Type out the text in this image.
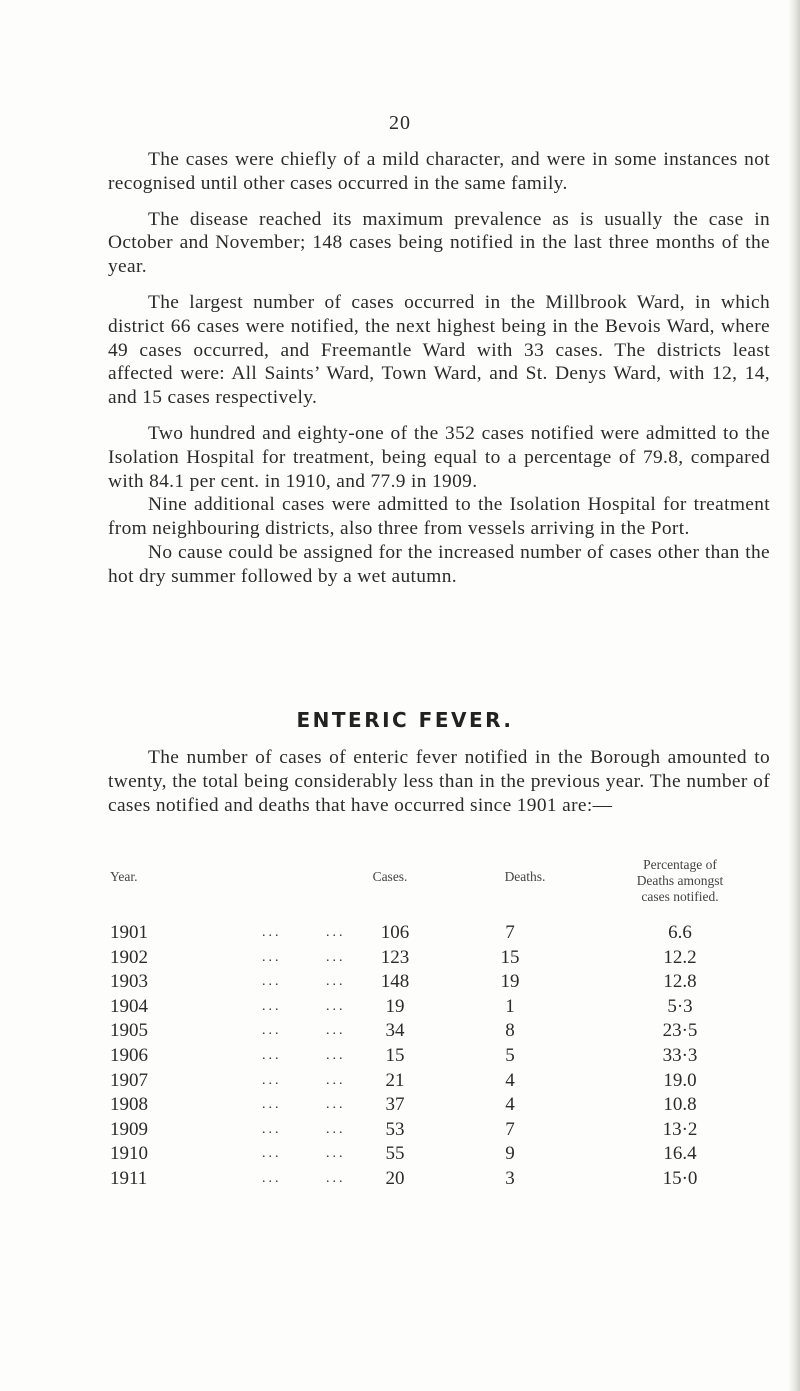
20

The cases were chiefly of a mild character, and were in some instances not recognised until other cases occurred in the same family.

The disease reached its maximum prevalence as is usually the case in October and November; 148 cases being notified in the last three months of the year.

The largest number of cases occurred in the Millbrook Ward, in which district 66 cases were notified, the next highest being in the Bevois Ward, where 49 cases occurred, and Freemantle Ward with 33 cases. The districts least affected were: All Saints’ Ward, Town Ward, and St. Denys Ward, with 12, 14, and 15 cases respectively.

Two hundred and eighty-one of the 352 cases notified were admitted to the Isolation Hospital for treatment, being equal to a percentage of 79.8, compared with 84.1 per cent. in 1910, and 77.9 in 1909.

Nine additional cases were admitted to the Isolation Hospital for treatment from neighbouring districts, also three from vessels arriving in the Port.

No cause could be assigned for the increased number of cases other than the hot dry summer followed by a wet autumn.

ENTERIC FEVER.

The number of cases of enteric fever notified in the Borough amounted to twenty, the total being considerably less than in the previous year. The number of cases notified and deaths that have occurred since 1901 are:—

Year.	Cases.	Deaths.
Percentage of
Deaths amongst
cases notified.
1901	...	...	106	7	6.6
1902	...	...	123	15	12.2
1903	...	...	148	19	12.8
1904	...	...	19	1	5·3
1905	...	...	34	8	23·5
1906	...	...	15	5	33·3
1907	...	...	21	4	19.0
1908	...	...	37	4	10.8
1909	...	...	53	7	13·2
1910	...	...	55	9	16.4
1911	...	...	20	3	15·0
